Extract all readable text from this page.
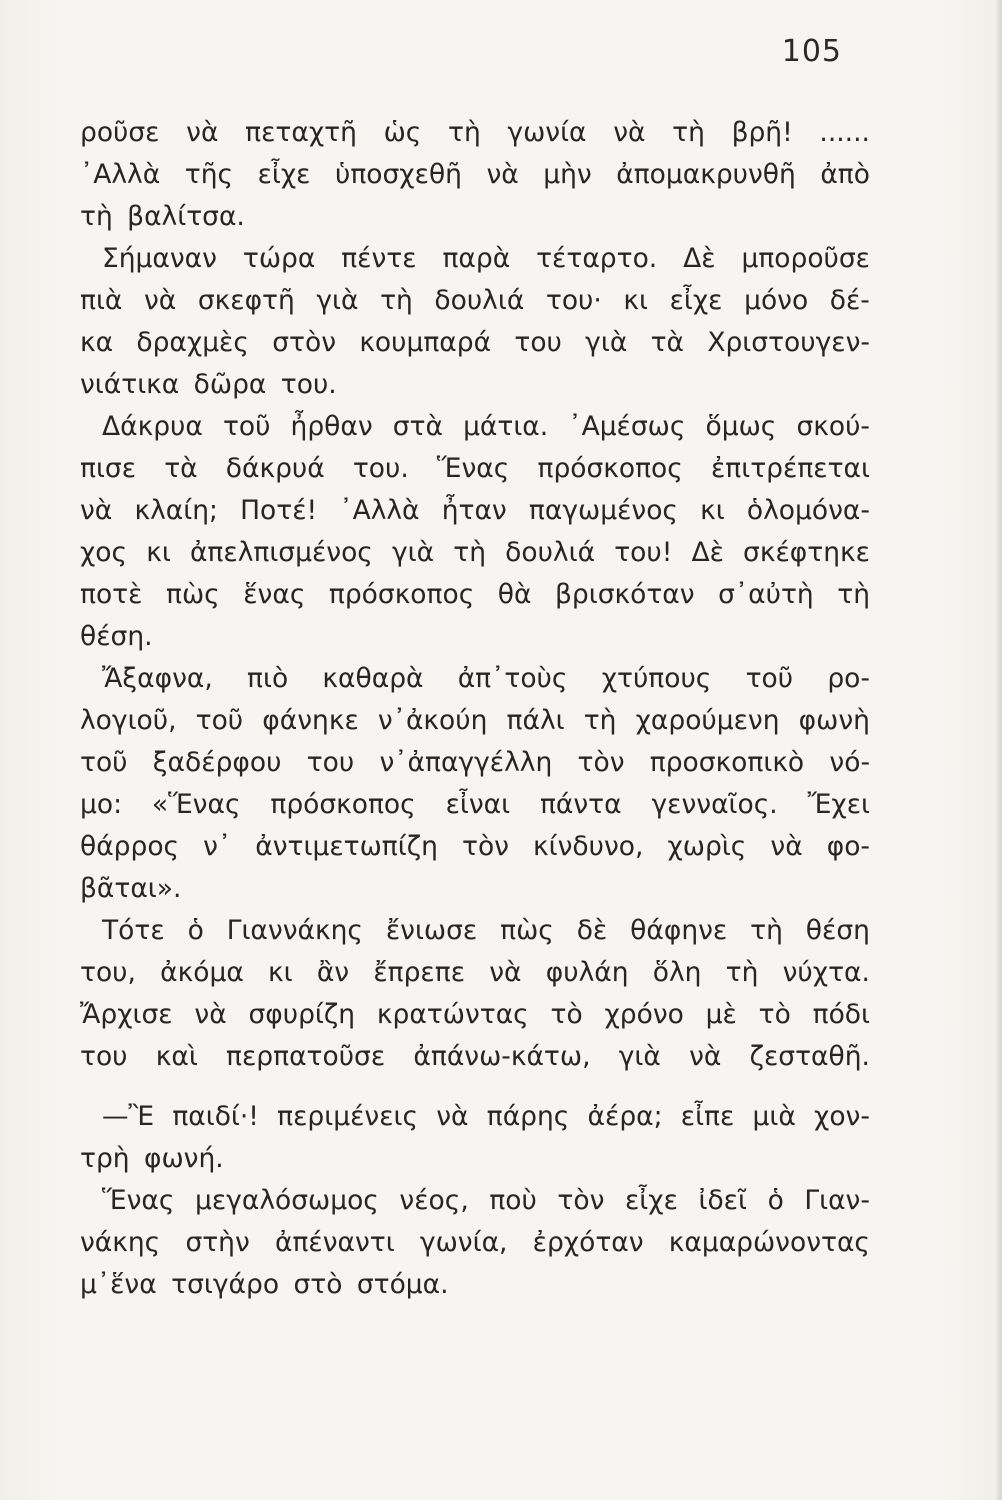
105
ροῦσε νὰ πεταχτῆ ὡς τὴ γωνία νὰ τὴ βρῆ! ......
᾿Αλλὰ τῆς εἶχε ὑποσχεθῆ νὰ μὴν ἀπομακρυνθῆ ἀπὸ
τὴ βαλίτσα.
Σήμαναν τώρα πέντε παρὰ τέταρτο. Δὲ μποροῦσε
πιὰ νὰ σκεφτῆ γιὰ τὴ δουλιά του· κι εἶχε μόνο δέ-
κα δραχμὲς στὸν κουμπαρά του γιὰ τὰ Χριστουγεν-
νιάτικα δῶρα του.
Δάκρυα τοῦ ἦρθαν στὰ μάτια. ᾿Αμέσως ὅμως σκού-
πισε τὰ δάκρυά του. Ἕνας πρόσκοπος ἐπιτρέπεται
νὰ κλαίη; Ποτέ! ᾿Αλλὰ ἦταν παγωμένος κι ὁλομόνα-
χος κι ἀπελπισμένος γιὰ τὴ δουλιά του! Δὲ σκέφτηκε
ποτὲ πὼς ἕνας πρόσκοπος θὰ βρισκόταν σ᾿αὐτὴ τὴ
θέση.
Ἄξαφνα, πιὸ καθαρὰ ἀπ᾿τοὺς χτύπους τοῦ ρο-
λογιοῦ, τοῦ φάνηκε ν᾿ἀκούη πάλι τὴ χαρούμενη φωνὴ
τοῦ ξαδέρφου του ν᾿ἀπαγγέλλη τὸν προσκοπικὸ νό-
μο: «Ἕνας πρόσκοπος εἶναι πάντα γενναῖος. Ἔχει
θάρρος ν᾿ ἀντιμετωπίζη τὸν κίνδυνο, χωρὶς νὰ φο-
βᾶται».
Τότε ὁ Γιαννάκης ἔνιωσε πὼς δὲ θάφηνε τὴ θέση
του, ἀκόμα κι ἂν ἔπρεπε νὰ φυλάη ὅλη τὴ νύχτα.
Ἄρχισε νὰ σφυρίζη κρατώντας τὸ χρόνο μὲ τὸ πόδι
του καὶ περπατοῦσε ἀπάνω-κάτω, γιὰ νὰ ζεσταθῆ.
—Ἒ παιδί·! περιμένεις νὰ πάρης ἀέρα; εἶπε μιὰ χον-
τρὴ φωνή.
Ἕνας μεγαλόσωμος νέος, ποὺ τὸν εἶχε ἰδεῖ ὁ Γιαν-
νάκης στὴν ἀπέναντι γωνία, ἐρχόταν καμαρώνοντας
μ᾿ἕνα τσιγάρο στὸ στόμα.
